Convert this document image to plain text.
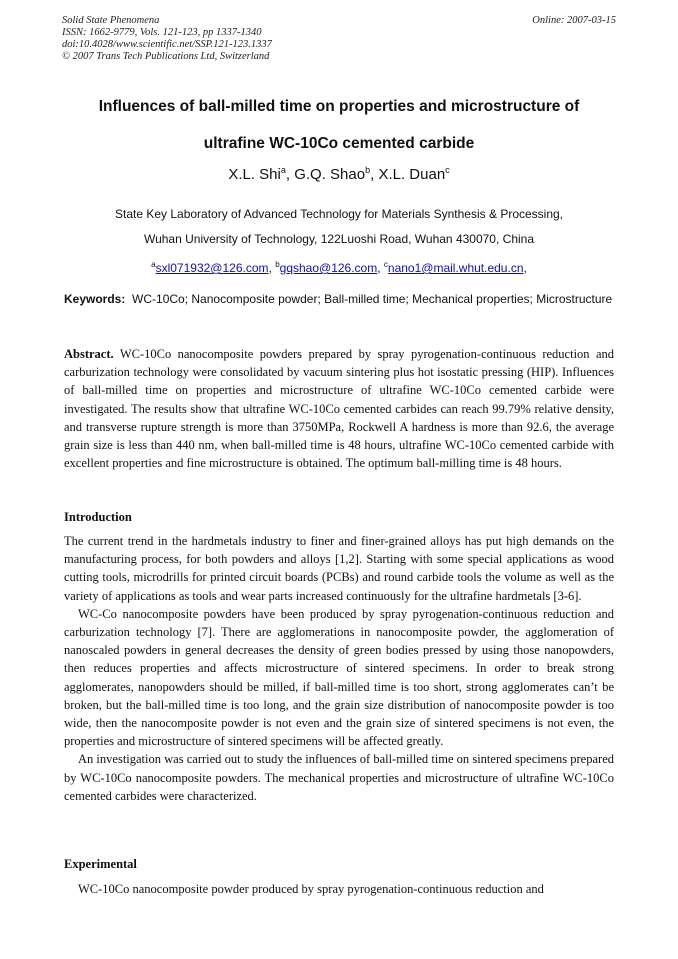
Solid State Phenomena
ISSN: 1662-9779, Vols. 121-123, pp 1337-1340
doi:10.4028/www.scientific.net/SSP.121-123.1337
© 2007 Trans Tech Publications Ltd, Switzerland
Online: 2007-03-15
Influences of ball-milled time on properties and microstructure of
ultrafine WC-10Co cemented carbide
X.L. Shi$^a$, G.Q. Shao$^b$, X.L. Duan$^c$
State Key Laboratory of Advanced Technology for Materials Synthesis & Processing,
Wuhan University of Technology, 122Luoshi Road, Wuhan 430070, China
$^a$sxl071932@126.com, $^b$gqshao@126.com, $^c$nano1@mail.whut.edu.cn,
Keywords: WC-10Co; Nanocomposite powder; Ball-milled time; Mechanical properties; Microstructure
Abstract. WC-10Co nanocomposite powders prepared by spray pyrogenation-continuous reduction and carburization technology were consolidated by vacuum sintering plus hot isostatic pressing (HIP). Influences of ball-milled time on properties and microstructure of ultrafine WC-10Co cemented carbide were investigated. The results show that ultrafine WC-10Co cemented carbides can reach 99.79% relative density, and transverse rupture strength is more than 3750MPa, Rockwell A hardness is more than 92.6, the average grain size is less than 440 nm, when ball-milled time is 48 hours, ultrafine WC-10Co cemented carbide with excellent properties and fine microstructure is obtained. The optimum ball-milling time is 48 hours.
Introduction

The current trend in the hardmetals industry to finer and finer-grained alloys has put high demands on the manufacturing process, for both powders and alloys [1,2]. Starting with some special applications as wood cutting tools, microdrills for printed circuit boards (PCBs) and round carbide tools the volume as well as the variety of applications as tools and wear parts increased continuously for the ultrafine hardmetals [3-6].

WC-Co nanocomposite powders have been produced by spray pyrogenation-continuous reduction and carburization technology [7]. There are agglomerations in nanocomposite powder, the agglomeration of nanoscaled powders in general decreases the density of green bodies pressed by using those nanopowders, then reduces properties and affects microstructure of sintered specimens. In order to break strong agglomerates, nanopowders should be milled, if ball-milled time is too short, strong agglomerates can’t be broken, but the ball-milled time is too long, and the grain size distribution of nanocomposite powder is too wide, then the nanocomposite powder is not even and the grain size of sintered specimens is not even, the properties and microstructure of sintered specimens will be affected greatly.

An investigation was carried out to study the influences of ball-milled time on sintered specimens prepared by WC-10Co nanocomposite powders. The mechanical properties and microstructure of ultrafine WC-10Co cemented carbides were characterized.

Experimental

WC-10Co nanocomposite powder produced by spray pyrogenation-continuous reduction and
